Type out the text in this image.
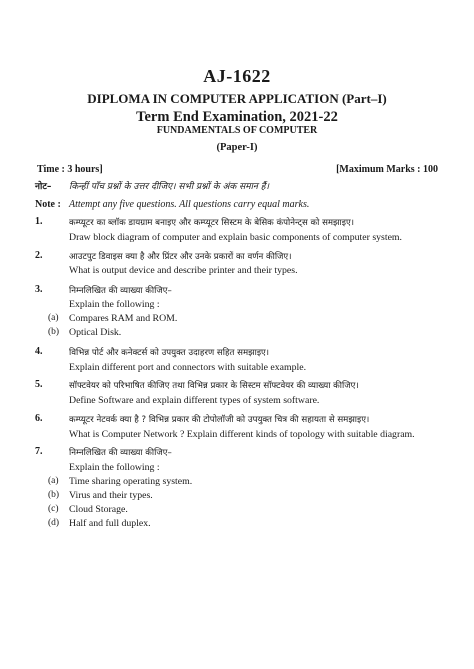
AJ-1622
DIPLOMA IN COMPUTER APPLICATION (Part–I)
Term End Examination, 2021-22
FUNDAMENTALS OF COMPUTER
(Paper-I)
Time : 3 hours]	[Maximum Marks : 100
नोट– किन्हीं पाँच प्रश्नों के उत्तर दीजिए। सभी प्रश्नों के अंक समान हैं।
Note : Attempt any five questions. All questions carry equal marks.
1.	कम्प्यूटर का ब्लॉक डायग्राम बनाइए और कम्प्यूटर सिस्टम के बेसिक कंपोनेन्ट्स को समझाइए।
Draw block diagram of computer and explain basic components of computer system.
2.	आउटपुट डिवाइस क्या है और प्रिंटर और उनके प्रकारों का वर्णन कीजिए।
What is output device and describe printer and their types.
3.	निम्नलिखित की व्याख्या कीजिए–
Explain the following :
(a) Compares RAM and ROM.
(b) Optical Disk.
4.	विभिन्न पोर्ट और कनेक्टर्स को उपयुक्त उदाहरण सहित समझाइए।
Explain different port and connectors with suitable example.
5.	सॉफ्टवेयर को परिभाषित कीजिए तथा विभिन्न प्रकार के सिस्टम सॉफ्टवेयर की व्याख्या कीजिए।
Define Software and explain different types of system software.
6.	कम्प्यूटर नेटवर्क क्या है ? विभिन्न प्रकार की टोपोलॉजी को उपयुक्त चित्र की सहायता से समझाइए।
What is Computer Network ? Explain different kinds of topology with suitable diagram.
7.	निम्नलिखित की व्याख्या कीजिए–
Explain the following :
(a) Time sharing operating system.
(b) Virus and their types.
(c) Cloud Storage.
(d) Half and full duplex.
